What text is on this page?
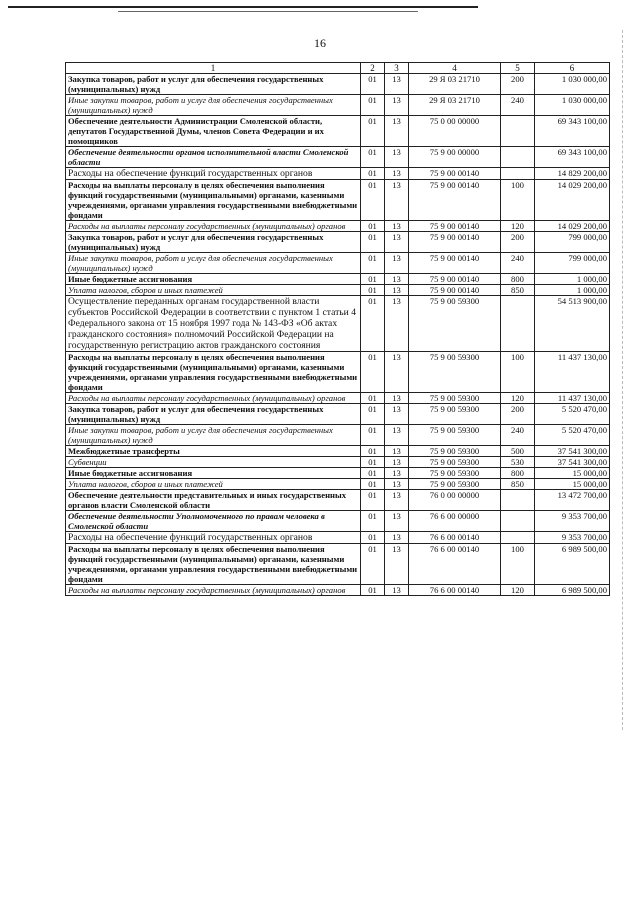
16
1	2	3	4	5	6
Закупка товаров, работ и услуг для обеспечения государственных (муниципальных) нужд	01	13	29 Я 03 21710	200	1 030 000,00
Иные закупки товаров, работ и услуг для обеспечения государственных (муниципальных) нужд	01	13	29 Я 03 21710	240	1 030 000,00
Обеспечение деятельности Администрации Смоленской области, депутатов Государственной Думы, членов Совета Федерации и их помощников	01	13	75 0 00 00000		69 343 100,00
Обеспечение деятельности органов исполнительной власти Смоленской области	01	13	75 9 00 00000		69 343 100,00
Расходы на обеспечение функций государственных органов	01	13	75 9 00 00140		14 829 200,00
Расходы на выплаты персоналу в целях обеспечения выполнения функций государственными (муниципальными) органами, казенными учреждениями, органами управления государственными внебюджетными фондами	01	13	75 9 00 00140	100	14 029 200,00
Расходы на выплаты персоналу государственных (муниципальных) органов	01	13	75 9 00 00140	120	14 029 200,00
Закупка товаров, работ и услуг для обеспечения государственных (муниципальных) нужд	01	13	75 9 00 00140	200	799 000,00
Иные закупки товаров, работ и услуг для обеспечения государственных (муниципальных) нужд	01	13	75 9 00 00140	240	799 000,00
Иные бюджетные ассигнования	01	13	75 9 00 00140	800	1 000,00
Уплата налогов, сборов и иных платежей	01	13	75 9 00 00140	850	1 000,00
Осуществление переданных органам государственной власти субъектов Российской Федерации в соответствии с пунктом 1 статьи 4 Федерального закона от 15 ноября 1997 года № 143-ФЗ «Об актах гражданского состояния» полномочий Российской Федерации на государственную регистрацию актов гражданского состояния	01	13	75 9 00 59300		54 513 900,00
Расходы на выплаты персоналу в целях обеспечения выполнения функций государственными (муниципальными) органами, казенными учреждениями, органами управления государственными внебюджетными фондами	01	13	75 9 00 59300	100	11 437 130,00
Расходы на выплаты персоналу государственных (муниципальных) органов	01	13	75 9 00 59300	120	11 437 130,00
Закупка товаров, работ и услуг для обеспечения государственных (муниципальных) нужд	01	13	75 9 00 59300	200	5 520 470,00
Иные закупки товаров, работ и услуг для обеспечения государственных (муниципальных) нужд	01	13	75 9 00 59300	240	5 520 470,00
Межбюджетные трансферты	01	13	75 9 00 59300	500	37 541 300,00
Субвенции	01	13	75 9 00 59300	530	37 541 300,00
Иные бюджетные ассигнования	01	13	75 9 00 59300	800	15 000,00
Уплата налогов, сборов и иных платежей	01	13	75 9 00 59300	850	15 000,00
Обеспечение деятельности представительных и иных государственных органов власти Смоленской области	01	13	76 0 00 00000		13 472 700,00
Обеспечение деятельности Уполномоченного по правам человека в Смоленской области	01	13	76 6 00 00000		9 353 700,00
Расходы на обеспечение функций государственных органов	01	13	76 6 00 00140		9 353 700,00
Расходы на выплаты персоналу в целях обеспечения выполнения функций государственными (муниципальными) органами, казенными учреждениями, органами управления государственными внебюджетными фондами	01	13	76 6 00 00140	100	6 989 500,00
Расходы на выплаты персоналу государственных (муниципальных) органов	01	13	76 6 00 00140	120	6 989 500,00
